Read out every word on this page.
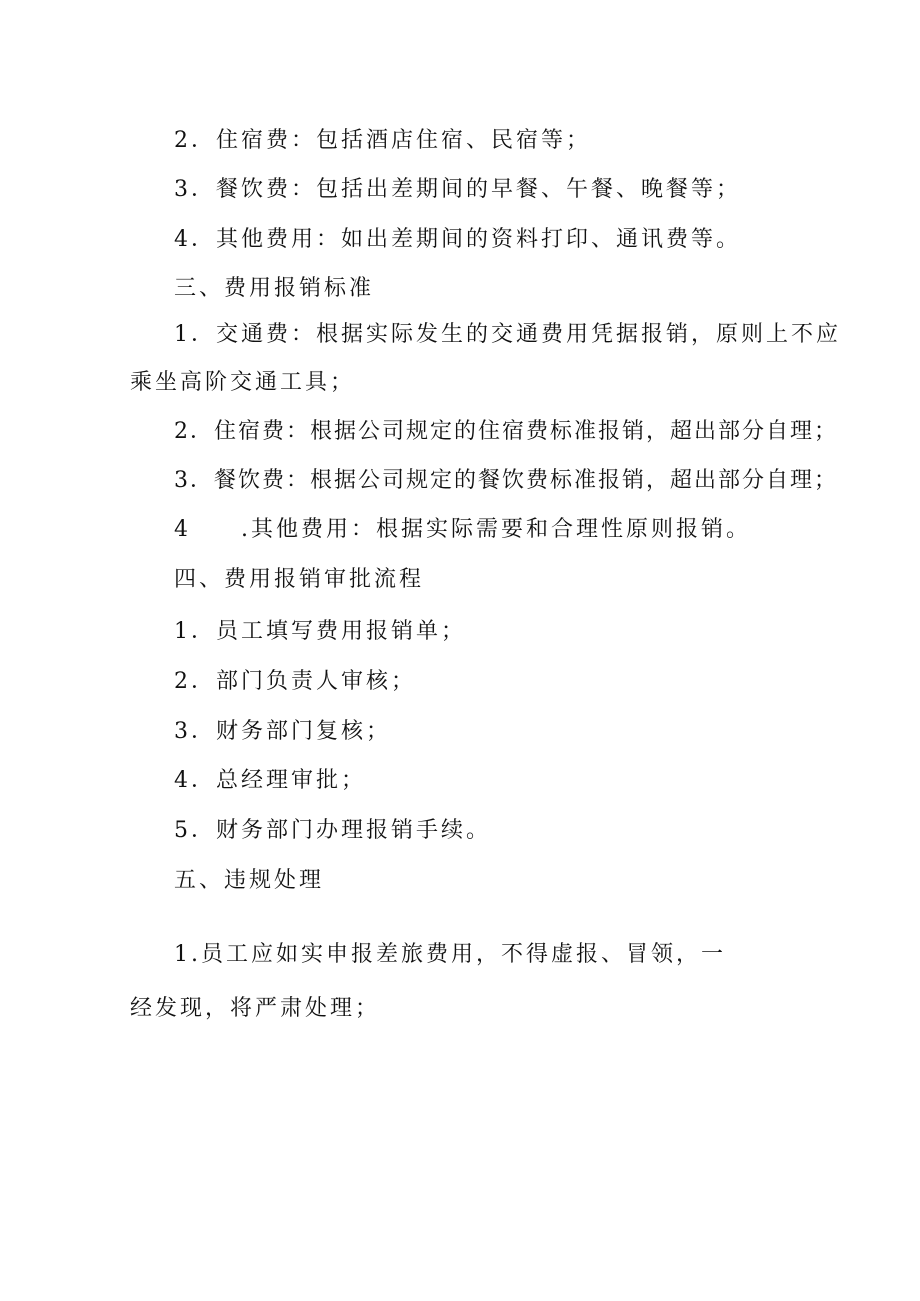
2．住宿费：包括酒店住宿、民宿等；
3．餐饮费：包括出差期间的早餐、午餐、晚餐等；
4．其他费用：如出差期间的资料打印、通讯费等。
三、费用报销标准
1．交通费：根据实际发生的交通费用凭据报销，原则上不应
乘坐高阶交通工具；
2．住宿费：根据公司规定的住宿费标准报销，超出部分自理；
3．餐饮费：根据公司规定的餐饮费标准报销，超出部分自理；
4　　.其他费用：根据实际需要和合理性原则报销。
四、费用报销审批流程
1．员工填写费用报销单；
2．部门负责人审核；
3．财务部门复核；
4．总经理审批；
5．财务部门办理报销手续。
五、违规处理
1.员工应如实申报差旅费用，不得虚报、冒领，一
经发现，将严肃处理；
